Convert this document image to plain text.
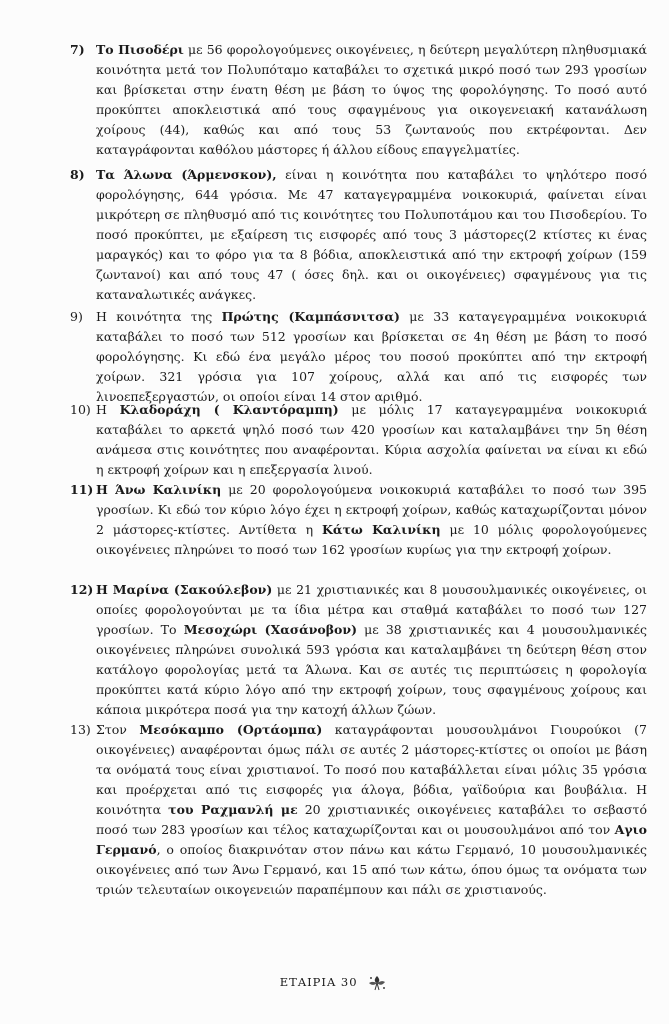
7) Το Πισοδέρι με 56 φορολογούμενες οικογένειες, η δεύτερη μεγαλύτερη πληθυσμιακά κοινότητα μετά τον Πολυπόταμο καταβάλει το σχετικά μικρό ποσό των 293 γροσίων και βρίσκεται στην ένατη θέση με βάση το ύψος της φορολόγησης. Το ποσό αυτό προκύπτει αποκλειστικά από τους σφαγμένους για οικογενειακή κατανάλωση χοίρους (44), καθώς και από τους 53 ζωντανούς που εκτρέφονται. Δεν καταγράφονται καθόλου μάστορες ή άλλου είδους επαγγελματίες.
8) Τα Άλωνα (Άρμενσκον), είναι η κοινότητα που καταβάλει το ψηλότερο ποσό φορολόγησης, 644 γρόσια. Με 47 καταγεγραμμένα νοικοκυριά, φαίνεται είναι μικρότερη σε πληθυσμό από τις κοινότητες του Πολυποτάμου και του Πισοδερίου. Το ποσό προκύπτει, με εξαίρεση τις εισφορές από τους 3 μάστορες(2 κτίστες κι ένας μαραγκός) και το φόρο για τα 8 βόδια, αποκλειστικά από την εκτροφή χοίρων (159 ζωντανοί) και από τους 47 ( όσες δηλ. και οι οικογένειες) σφαγμένους για τις καταναλωτικές ανάγκες.
9) Η κοινότητα της Πρώτης (Καμπάσνιτσα) με 33 καταγεγραμμένα νοικοκυριά καταβάλει το ποσό των 512 γροσίων και βρίσκεται σε 4η θέση με βάση το ποσό φορολόγησης. Κι εδώ ένα μεγάλο μέρος του ποσού προκύπτει από την εκτροφή χοίρων. 321 γρόσια για 107 χοίρους, αλλά και από τις εισφορές των λινοεπεξεργαστών, οι οποίοι είναι 14 στον αριθμό.
10) Η Κλαδοράχη ( Κλαντόραμπη) με μόλις 17 καταγεγραμμένα νοικοκυριά καταβάλει το αρκετά ψηλό ποσό των 420 γροσίων και καταλαμβάνει την 5η θέση ανάμεσα στις κοινότητες που αναφέρονται. Κύρια ασχολία φαίνεται να είναι κι εδώ η εκτροφή χοίρων και η επεξεργασία λινού.
11) Η Άνω Καλινίκη με 20 φορολογούμενα νοικοκυριά καταβάλει το ποσό των 395 γροσίων. Κι εδώ τον κύριο λόγο έχει η εκτροφή χοίρων, καθώς καταχωρίζονται μόνον 2 μάστορες-κτίστες. Αντίθετα η Κάτω Καλινίκη με 10 μόλις φορολογούμενες οικογένειες πληρώνει το ποσό των 162 γροσίων κυρίως για την εκτροφή χοίρων.
12) Η Μαρίνα (Σακούλεβον) με 21 χριστιανικές και 8 μουσουλμανικές οικογένειες, οι οποίες φορολογούνται με τα ίδια μέτρα και σταθμά καταβάλει το ποσό των 127 γροσίων. Το Μεσοχώρι (Χασάνοβον) με 38 χριστιανικές και 4 μουσουλμανικές οικογένειες πληρώνει συνολικά 593 γρόσια και καταλαμβάνει τη δεύτερη θέση στον κατάλογο φορολογίας μετά τα Άλωνα. Και σε αυτές τις περιπτώσεις η φορολογία προκύπτει κατά κύριο λόγο από την εκτροφή χοίρων, τους σφαγμένους χοίρους και κάποια μικρότερα ποσά για την κατοχή άλλων ζώων.
13) Στον Μεσόκαμπο (Ορτάομπα) καταγράφονται μουσουλμάνοι Γιουρούκοι (7 οικογένειες) αναφέρονται όμως πάλι σε αυτές 2 μάστορες-κτίστες οι οποίοι με βάση τα ονόματά τους είναι χριστιανοί. Το ποσό που καταβάλλεται είναι μόλις 35 γρόσια και προέρχεται από τις εισφορές για άλογα, βόδια, γαϊδούρια και βουβάλια. Η κοινότητα του Ραχμανλή με 20 χριστιανικές οικογένειες καταβάλει το σεβαστό ποσό των 283 γροσίων και τέλος καταχωρίζονται και οι μουσουλμάνοι από τον Αγιο Γερμανό, ο οποίος διακρινόταν στον πάνω και κάτω Γερμανό, 10 μουσουλμανικές οικογένειες από των Άνω Γερμανό, και 15 από των κάτω, όπου όμως τα ονόματα των τριών τελευταίων οικογενειών παραπέμπουν και πάλι σε χριστιανούς.
ΕΤΑΙΡΙΑ 30
